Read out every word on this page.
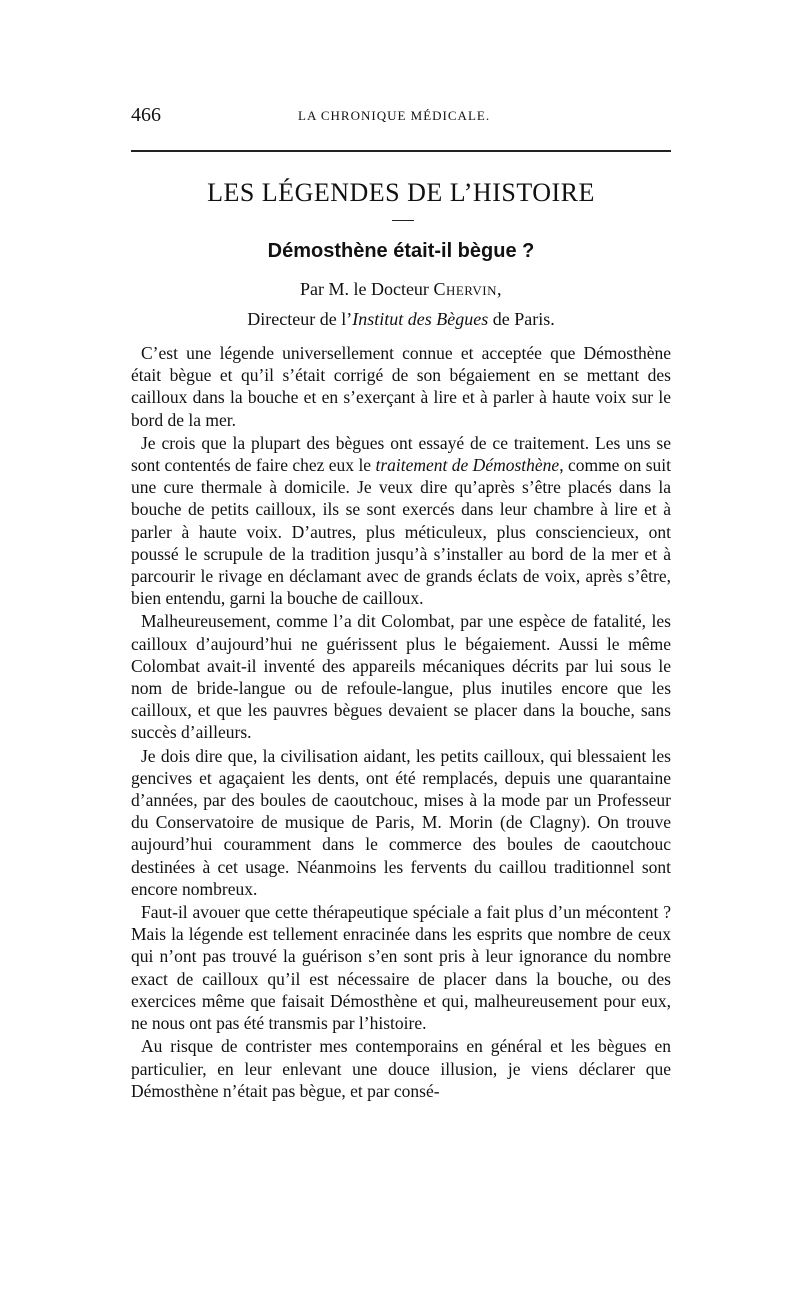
466	LA CHRONIQUE MÉDICALE.
LES LÉGENDES DE L’HISTOIRE
Démosthène était-il bègue ?
Par M. le Docteur Chervin,
Directeur de l’Institut des Bègues de Paris.

C’est une légende universellement connue et acceptée que Démosthène était bègue et qu’il s’était corrigé de son bégaiement en se mettant des cailloux dans la bouche et en s’exerçant à lire et à parler à haute voix sur le bord de la mer.

Je crois que la plupart des bègues ont essayé de ce traitement. Les uns se sont contentés de faire chez eux le traitement de Démosthène, comme on suit une cure thermale à domicile. Je veux dire qu’après s’être placés dans la bouche de petits cailloux, ils se sont exercés dans leur chambre à lire et à parler à haute voix. D’autres, plus méticuleux, plus consciencieux, ont poussé le scrupule de la tradition jusqu’à s’installer au bord de la mer et à parcourir le rivage en déclamant avec de grands éclats de voix, après s’être, bien entendu, garni la bouche de cailloux.

Malheureusement, comme l’a dit Colombat, par une espèce de fatalité, les cailloux d’aujourd’hui ne guérissent plus le bégaiement. Aussi le même Colombat avait-il inventé des appareils mécaniques décrits par lui sous le nom de bride-langue ou de refoule-langue, plus inutiles encore que les cailloux, et que les pauvres bègues devaient se placer dans la bouche, sans succès d’ailleurs.

Je dois dire que, la civilisation aidant, les petits cailloux, qui blessaient les gencives et agaçaient les dents, ont été remplacés, depuis une quarantaine d’années, par des boules de caoutchouc, mises à la mode par un Professeur du Conservatoire de musique de Paris, M. Morin (de Clagny). On trouve aujourd’hui couramment dans le commerce des boules de caoutchouc destinées à cet usage. Néanmoins les fervents du caillou traditionnel sont encore nombreux.

Faut-il avouer que cette thérapeutique spéciale a fait plus d’un mécontent ? Mais la légende est tellement enracinée dans les esprits que nombre de ceux qui n’ont pas trouvé la guérison s’en sont pris à leur ignorance du nombre exact de cailloux qu’il est nécessaire de placer dans la bouche, ou des exercices même que faisait Démosthène et qui, malheureusement pour eux, ne nous ont pas été transmis par l’histoire.

Au risque de contrister mes contemporains en général et les bègues en particulier, en leur enlevant une douce illusion, je viens déclarer que Démosthène n’était pas bègue, et par consé-
